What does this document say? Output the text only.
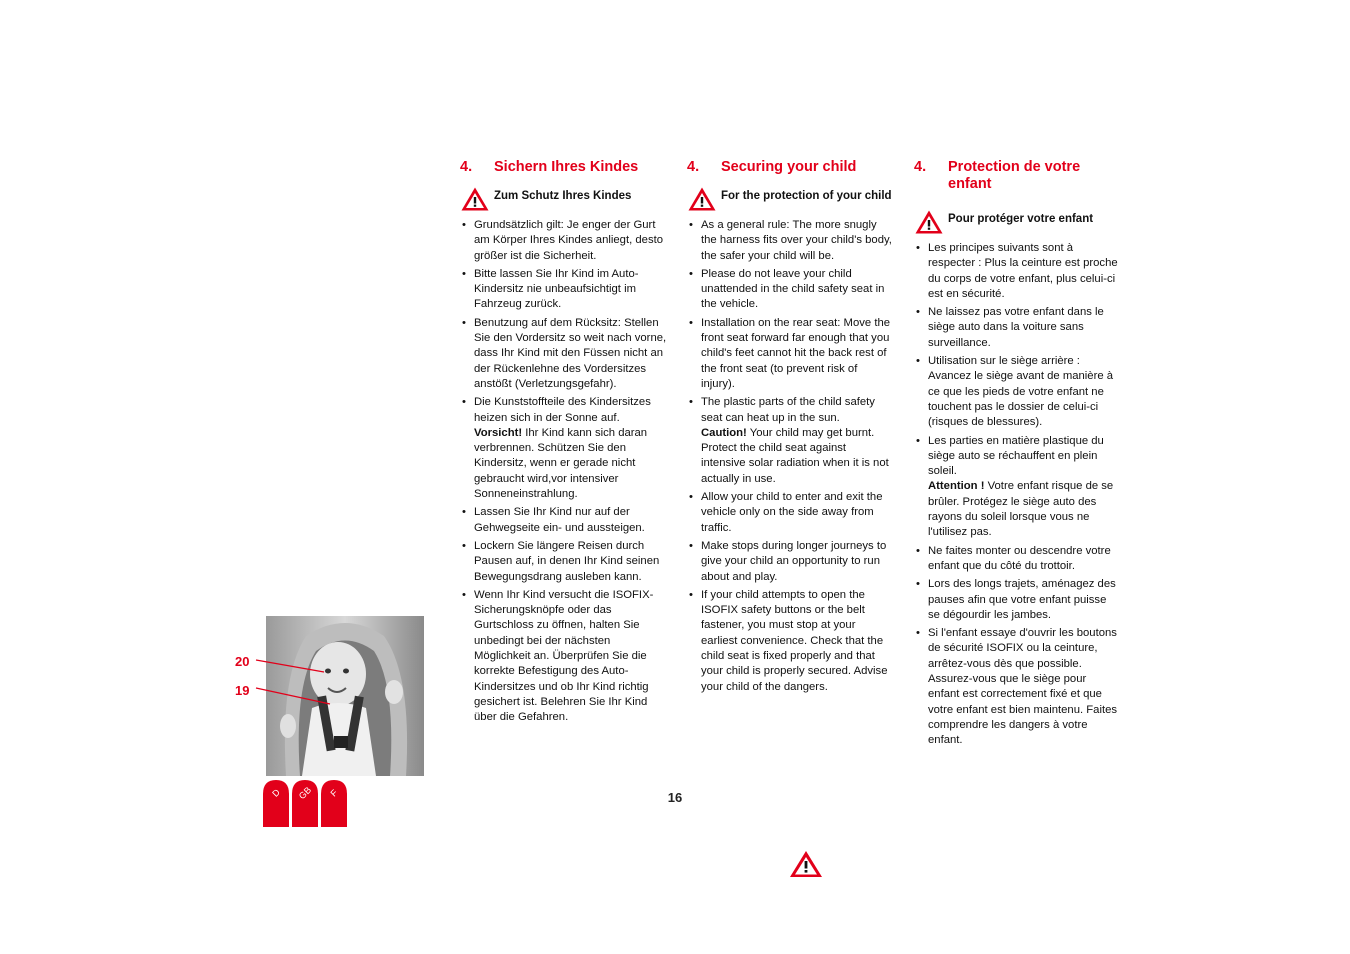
4.	Sichern Ihres Kindes
Zum Schutz Ihres Kindes
• Grundsätzlich gilt: Je enger der Gurt am Körper Ihres Kindes anliegt, desto größer ist die Sicherheit.
• Bitte lassen Sie Ihr Kind im Auto-Kindersitz nie unbeaufsichtigt im Fahrzeug zurück.
• Benutzung auf dem Rücksitz: Stellen Sie den Vordersitz so weit nach vorne, dass Ihr Kind mit den Füssen nicht an der Rückenlehne des Vordersitzes anstößt (Verletzungsgefahr).
• Die Kunststoffteile des Kindersitzes heizen sich in der Sonne auf.
Vorsicht! Ihr Kind kann sich daran verbrennen. Schützen Sie den Kindersitz, wenn er gerade nicht gebraucht wird,vor intensiver Sonneneinstrahlung.
• Lassen Sie Ihr Kind nur auf der Gehwegseite ein- und aussteigen.
• Lockern Sie längere Reisen durch Pausen auf, in denen Ihr Kind seinen Bewegungsdrang ausleben kann.
• Wenn Ihr Kind versucht die ISOFIX-Sicherungsknöpfe oder das Gurtschloss zu öffnen, halten Sie unbedingt bei der nächsten Möglichkeit an. Überprüfen Sie die korrekte Befestigung des Auto-Kindersitzes und ob Ihr Kind richtig gesichert ist. Belehren Sie Ihr Kind über die Gefahren.
4.	Securing your child
For the protection of your child
• As a general rule: The more snugly the harness fits over your child's body, the safer your child will be.
• Please do not leave your child unattended in the child safety seat in the vehicle.
• Installation on the rear seat: Move the front seat forward far enough that you child's feet cannot hit the back rest of the front seat (to prevent risk of injury).
• The plastic parts of the child safety seat can heat up in the sun.
Caution! Your child may get burnt. Protect the child seat against intensive solar radiation when it is not actually in use.
• Allow your child to enter and exit the vehicle only on the side away from traffic.
• Make stops during longer journeys to give your child an opportunity to run about and play.
• If your child attempts to open the ISOFIX safety buttons or the belt fastener, you must stop at your earliest convenience. Check that the child seat is fixed properly and that your child is properly secured. Advise your child of the dangers.
4.	Protection de votre enfant
Pour protéger votre enfant
• Les principes suivants sont à respecter : Plus la ceinture est proche du corps de votre enfant, plus celui-ci est en sécurité.
• Ne laissez pas votre enfant dans le siège auto dans la voiture sans surveillance.
• Utilisation sur le siège arrière : Avancez le siège avant de manière à ce que les pieds de votre enfant ne touchent pas le dossier de celui-ci (risques de blessures).
• Les parties en matière plastique du siège auto se réchauffent en plein soleil.
Attention ! Votre enfant risque de se brûler. Protégez le siège auto des rayons du soleil lorsque vous ne l'utilisez pas.
• Ne faites monter ou descendre votre enfant que du côté du trottoir.
• Lors des longs trajets, aménagez des pauses afin que votre enfant puisse se dégourdir les jambes.
• Si l'enfant essaye d'ouvrir les boutons de sécurité ISOFIX ou la ceinture, arrêtez-vous dès que possible. Assurez-vous que le siège pour enfant est correctement fixé et que votre enfant est bien maintenu. Faites comprendre les dangers à votre enfant.
20
19
D GB F	16
